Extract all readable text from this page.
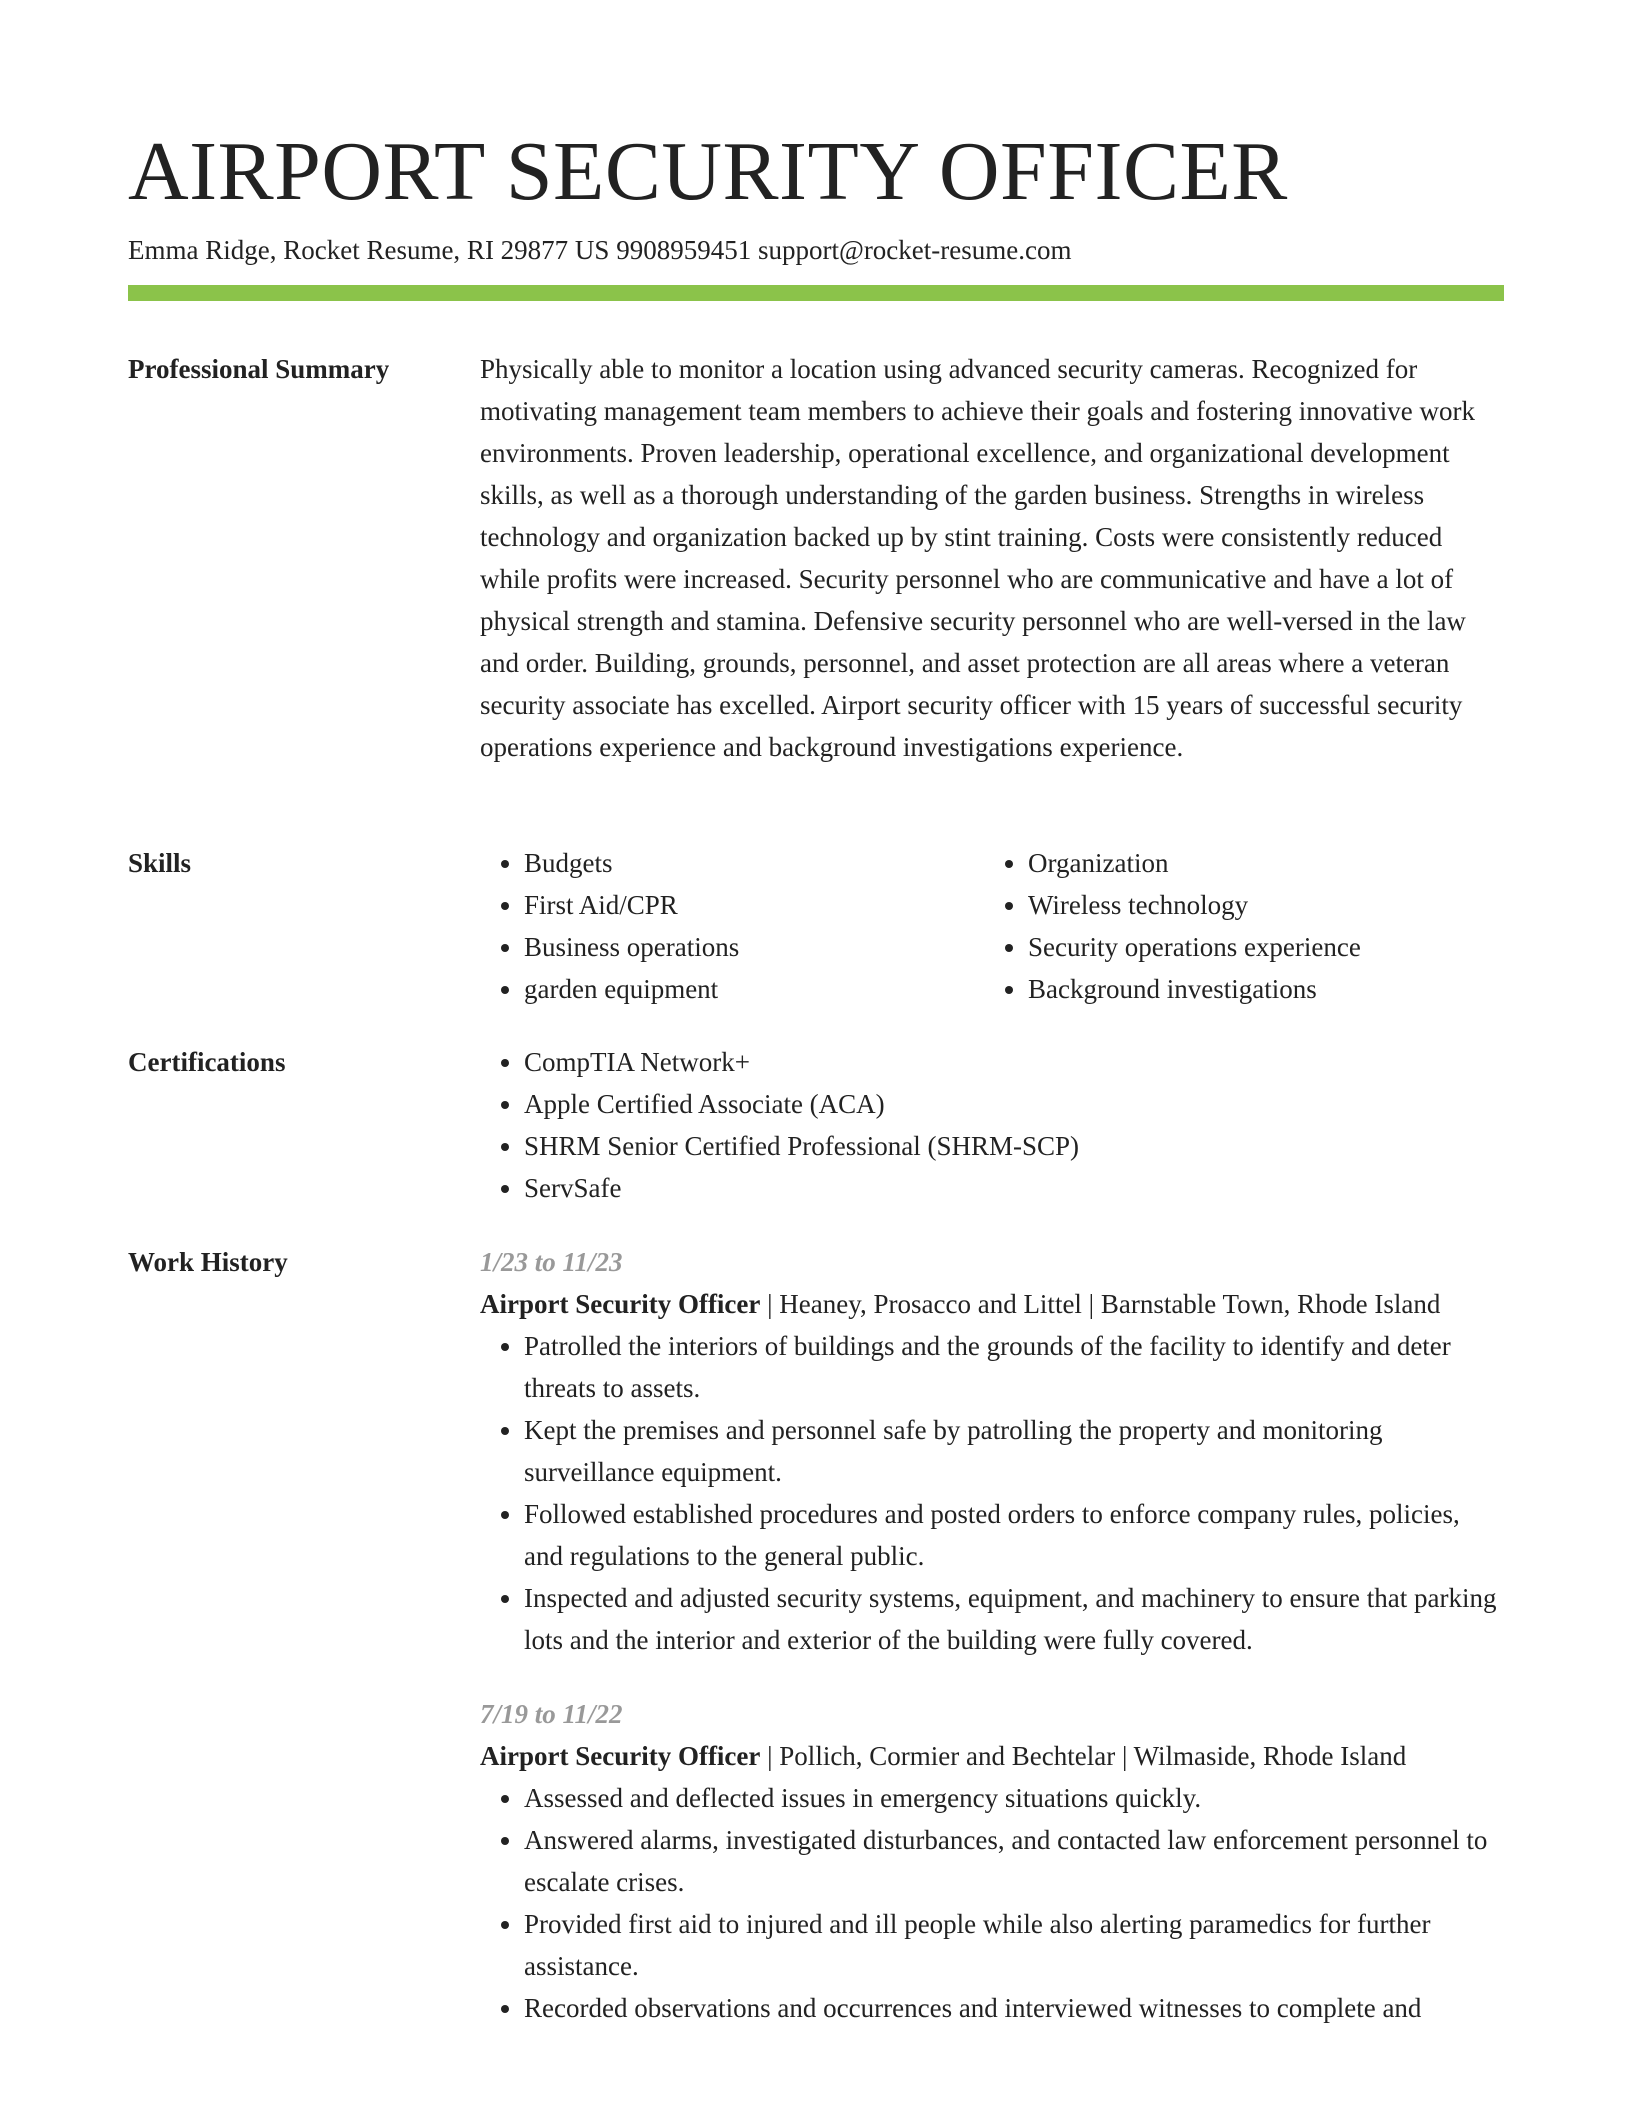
AIRPORT SECURITY OFFICER
Emma Ridge, Rocket Resume, RI 29877 US 9908959451 support@rocket-resume.com
Professional Summary	Physically able to monitor a location using advanced security cameras. Recognized for motivating management team members to achieve their goals and fostering innovative work environments. Proven leadership, operational excellence, and organizational development skills, as well as a thorough understanding of the garden business. Strengths in wireless technology and organization backed up by stint training. Costs were consistently reduced while profits were increased. Security personnel who are communicative and have a lot of physical strength and stamina. Defensive security personnel who are well-versed in the law and order. Building, grounds, personnel, and asset protection are all areas where a veteran security associate has excelled. Airport security officer with 15 years of successful security operations experience and background investigations experience.

Skills	• Budgets
• First Aid/CPR
• Business operations
• garden equipment
• Organization
• Wireless technology
• Security operations experience
• Background investigations
Certifications	• CompTIA Network+
• Apple Certified Associate (ACA)
• SHRM Senior Certified Professional (SHRM-SCP)
• ServSafe
Work History	1/23 to 11/23
Airport Security Officer | Heaney, Prosacco and Littel | Barnstable Town, Rhode Island
• Patrolled the interiors of buildings and the grounds of the facility to identify and deter threats to assets.
• Kept the premises and personnel safe by patrolling the property and monitoring surveillance equipment.
• Followed established procedures and posted orders to enforce company rules, policies, and regulations to the general public.
• Inspected and adjusted security systems, equipment, and machinery to ensure that parking lots and the interior and exterior of the building were fully covered.
7/19 to 11/22
Airport Security Officer | Pollich, Cormier and Bechtelar | Wilmaside, Rhode Island
• Assessed and deflected issues in emergency situations quickly.
• Answered alarms, investigated disturbances, and contacted law enforcement personnel to escalate crises.
• Provided first aid to injured and ill people while also alerting paramedics for further assistance.
• Recorded observations and occurrences and interviewed witnesses to complete and
